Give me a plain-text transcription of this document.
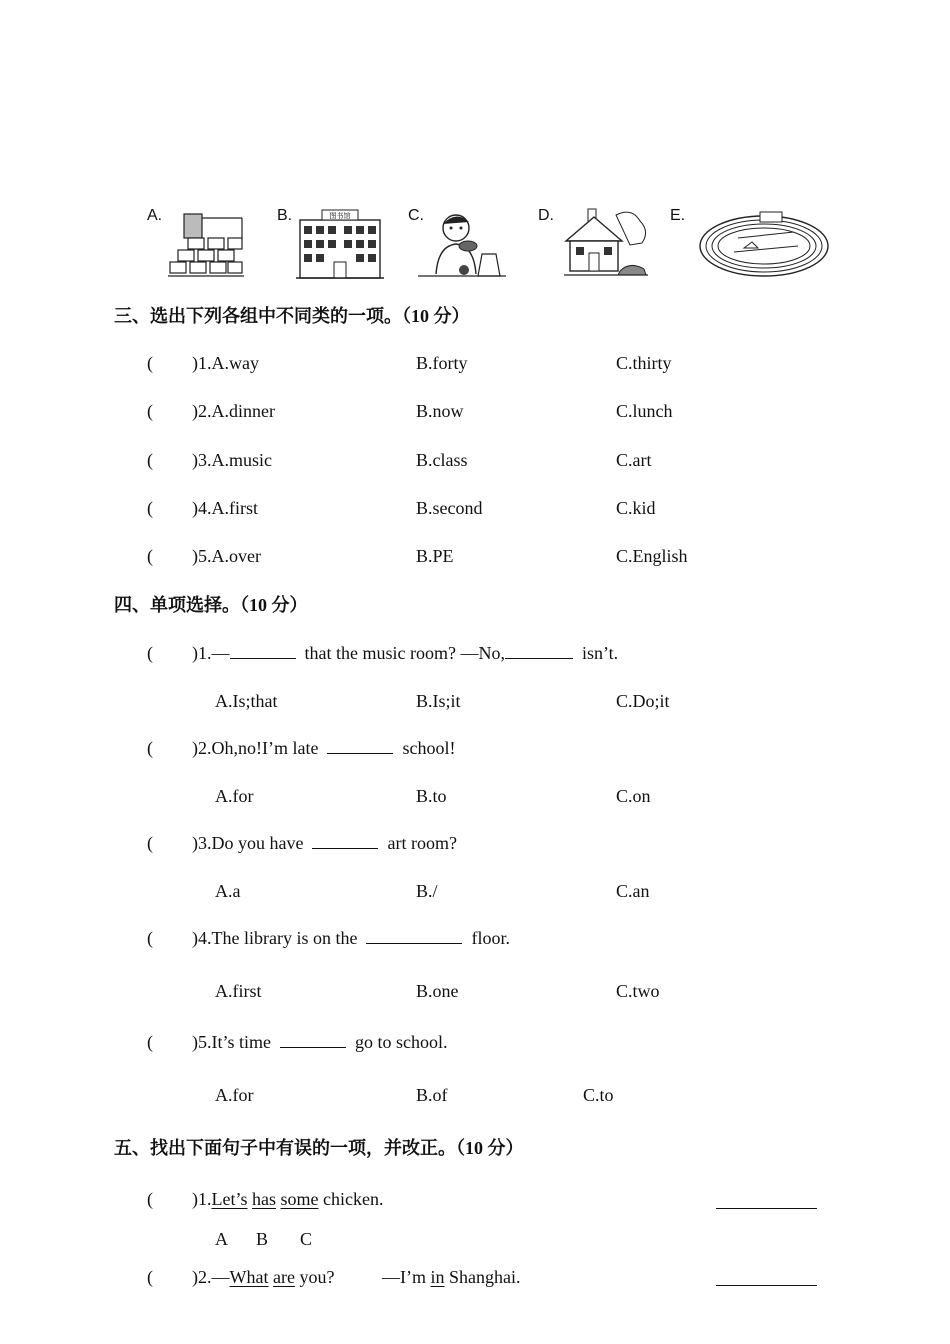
A.	B.	图书馆	C.	D.	E.
三、选出下列各组中不同类的一项。（10 分）
( )1.A.way	B.forty	C.thirty
( )2.A.dinner	B.now	C.lunch
( )3.A.music	B.class	C.art
( )4.A.first	B.second	C.kid
( )5.A.over	B.PE	C.English
四、单项选择。（10 分）
( )1.—	that the music room? —No,	isn’t.
A.Is;that	B.Is;it	C.Do;it
( )2.Oh,no!I’m late	school!
A.for	B.to	C.on
( )3.Do you have	art room?
A.a	B./	C.an
( )4.The library is on the	floor.
A.first	B.one	C.two
( )5.It’s time	go to school.
A.for	B.of	C.to
五、找出下面句子中有误的一项，并改正。（10 分）
( )1.Let’s has some chicken.
A B C
( )2.—What are you?	—I’m in Shanghai.
